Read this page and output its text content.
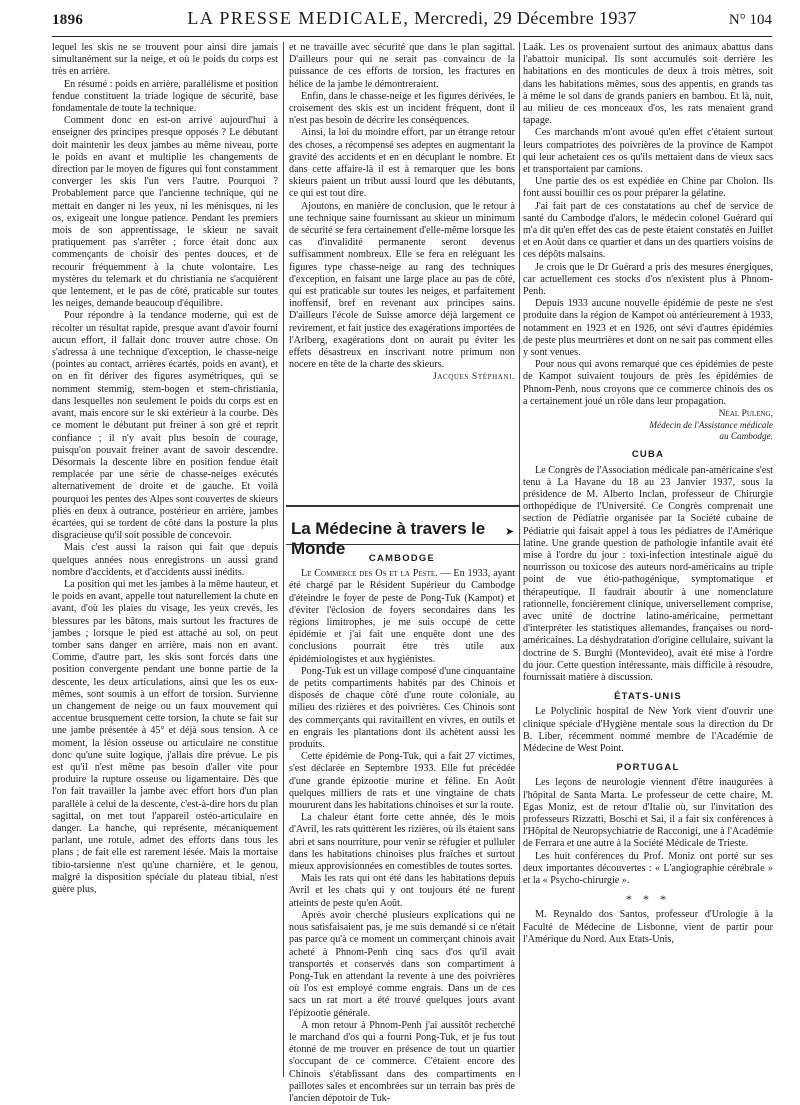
1896	LA PRESSE MEDICALE, Mercredi, 29 Décembre 1937	N° 104

lequel les skis ne se trouvent pour ainsi dire jamais simultanément sur la neige, et où le poids du corps est très en arrière.

En résumé : poids en arrière, parallélisme et position fendue constituent la triade logique de sécurité, base fondamentale de toute la technique.

Comment donc en est-on arrivé aujourd'hui à enseigner des principes presque opposés ? Le débutant doit maintenir les deux jambes au même niveau, porte le poids en avant et multiplie les changements de direction par le moyen de figures qui font constamment converger les skis l'un vers l'autre. Pourquoi ? Probablement parce que l'ancienne technique, qui ne mettait en danger ni les yeux, ni les ménisques, ni les os, exigeait une longue patience. Pendant les premiers mois de son apprentissage, le skieur ne savait pratiquement pas s'arrêter ; force était donc aux commençants de choisir des pentes douces, et de recourir fréquemment à la chute volontaire. Les mystères du telemark et du christiania ne s'acquièrent que lentement, et le pas de côté, praticable sur toutes les neiges, demande beaucoup d'équilibre.

Pour répondre à la tendance moderne, qui est de récolter un résultat rapide, presque avant d'avoir fourni aucun effort, il fallait donc trouver autre chose. On s'adressa à une technique d'exception, le chasse-neige (pointes au contact, arrières écartés, poids en avant), et on en fit dériver des figures asymétriques, qui se nomment stemmig, stem-bogen et stem-christiania, dans lesquelles non seulement le poids du corps est en avant, mais encore sur le ski extérieur à la courbe. Dès ce moment le débutant put freiner à son gré et reprit confiance ; il n'y avait plus besoin de courage, puisqu'on pouvait freiner avant de savoir descendre. Désormais la descente libre en position fendue était remplacée par une série de chasse-neiges exécutés alternativement de droite et de gauche. Et voilà pourquoi les pentes des Alpes sont couvertes de skieurs pliés en deux à outrance, postérieur en arrière, jambes écartées, qui se tordent de côté dans la posture la plus disgracieuse qu'il soit possible de concevoir.

Mais c'est aussi la raison qui fait que depuis quelques années nous enregistrons un aussi grand nombre d'accidents, et d'accidents aussi inédits.

La position qui met les jambes à la même hauteur, et le poids en avant, appelle tout naturellement la chute en avant, d'où les plaies du visage, les yeux crevés, les blessures par les bâtons, mais surtout les fractures de jambes ; lorsque le pied est attaché au sol, on peut tomber sans danger en arrière, mais non en avant. Comme, d'autre part, les skis sont forcés dans une position convergente pendant une bonne partie de la descente, les deux articulations, ainsi que les os eux-mêmes, sont soumis à un effort de torsion. Survienne un changement de neige ou un faux mouvement qui accentue brusquement cette torsion, la chute se fait sur une jambe présentée à 45° et déjà sous tension. A ce moment, la lésion osseuse ou articulaire ne constitue donc qu'une suite logique, j'allais dire prévue. Le pis est qu'il n'est même pas besoin d'aller vite pour produire la rupture osseuse ou ligamentaire. Dès que l'on fait travailler la jambe avec effort hors d'un plan parallèle à celui de la descente, c'est-à-dire hors du plan sagittal, on met tout l'appareil ostéo-articulaire en danger. La hanche, qui représente, mécaniquement parlant, une rotule, admet des efforts dans tous les plans ; de fait elle est rarement lésée. Mais la mortaise tibio-tarsienne n'est qu'une charnière, et le genou, malgré la disposition spéciale du plateau tibial, n'est guère plus,

et ne travaille avec sécurité que dans le plan sagittal. D'ailleurs pour qui ne serait pas convaincu de la puissance de ces efforts de torsion, les fractures en hélice de la jambe le démontreraient.

Enfin, dans le chasse-neige et les figures dérivées, le croisement des skis est un incident fréquent, dont il n'est pas besoin de décrire les conséquences.

Ainsi, la loi du moindre effort, par un étrange retour des choses, a récompensé ses adeptes en augmentant la gravité des accidents et en en décuplant le nombre. Et dans cette affaire-là il est à remarquer que les bons skieurs paient un tribut aussi lourd que les débutants, ce qui est tout dire.

Ajoutons, en manière de conclusion, que le retour à une technique saine fournissant au skieur un minimum de sécurité se fera certainement d'elle-même lorsque les cas d'invalidité permanente seront devenus suffisamment nombreux. Elle se fera en reléguant les figures type chasse-neige au rang des techniques d'exception, en faisant une large place au pas de côté, qui est praticable sur toutes les neiges, et parfaitement inoffensif, bref en revenant aux principes sains. D'ailleurs l'école de Suisse amorce déjà largement ce revirement, et fait justice des exagérations importées de l'Arlberg, exagérations dont on aurait pu éviter les effets désastreux en inscrivant notre primum non nocere en tête de la charte des skieurs.

Jacques Stéphani.

La Médecine à travers le Monde
➤
CAMBODGE

Le Commerce des Os et la Peste. — En 1933, ayant été chargé par le Résident Supérieur du Cambodge d'éteindre le foyer de peste de Pong-Tuk (Kampot) et d'éviter l'éclosion de foyers secondaires dans les régions limitrophes, je me suis occupé de cette épidémie et j'ai fait une enquête dont une des conclusions pourrait être très utile aux épidémiologistes et aux hygiénistes.

Pong-Tuk est un village composé d'une cinquantaine de petits compartiments habités par des Chinois et disposés de chaque côté d'une route coloniale, au milieu des rizières et des poivrières. Ces Chinois sont des commerçants qui ravitaillent en vivres, en outils et en engrais les plantations dont ils achètent aussi les produits.

Cette épidémie de Pong-Tuk, qui a fait 27 victimes, s'est déclarée en Septembre 1933. Elle fut précédée d'une grande épizootie murine et féline. En Août quelques milliers de rats et une vingtaine de chats moururent dans les habitations chinoises et sur la route.

La chaleur étant forte cette année, dès le mois d'Avril, les rats quittèrent les rizières, où ils étaient sans abri et sans nourriture, pour venir se réfugier et pulluler dans les habitations chinoises plus fraîches et surtout mieux approvisionnées en comestibles de toutes sortes.

Mais les rats qui ont été dans les habitations depuis Avril et les chats qui y ont toujours été ne furent atteints de peste qu'en Août.

Après avoir cherché plusieurs explications qui ne nous satisfaisaient pas, je me suis demandé si ce n'était pas parce qu'à ce moment un commerçant chinois avait acheté à Phnom-Penh cinq sacs d'os qu'il avait transportés et conservés dans son compartiment à Pong-Tuk en attendant la revente à une des poivrières où l'os est employé comme engrais. Dans un de ces sacs un rat mort a été trouvé quelques jours avant l'épizootie générale.

A mon retour à Phnom-Penh j'ai aussitôt recherché le marchand d'os qui a fourni Pong-Tuk, et je fus tout étonné de me trouver en présence de tout un quartier s'occupant de ce commerce. C'étaient encore des Chinois s'établissant dans des compartiments en paillotes sales et encombrées sur un terrain bas près de l'ancien dépotoir de Tuk-

Laák. Les os provenaient surtout des animaux abattus dans l'abattoir municipal. Ils sont accumulés soit derrière les habitations en des monticules de deux à trois mètres, soit dans les habitations mêmes, sous des appentis, en grands tas à même le sol dans de grands paniers en bambou. Et là, nuit, au milieu de ces monceaux d'os, les rats menaient grand tapage.

Ces marchands m'ont avoué qu'en effet c'étaient surtout leurs compatriotes des poivrières de la province de Kampot qui leur achetaient ces os qu'ils mettaient dans de vieux sacs et transportaient par camions.

Une partie des os est expédiée en Chine par Cholon. Ils font aussi bouillir ces os pour préparer la gélatine.

J'ai fait part de ces constatations au chef de service de santé du Cambodge d'alors, le médecin colonel Guérard qui m'a dit qu'en effet des cas de peste étaient constatés en Juillet et en Août dans ce quartier et dans un des quartiers voisins de ces dépôts malsains.

Je crois que le Dr Guérard a pris des mesures énergiques, car actuellement ces stocks d'os n'existent plus à Phnom-Penh.

Depuis 1933 aucune nouvelle épidémie de peste ne s'est produite dans la région de Kampot où antérieurement à 1933, notamment en 1923 et en 1926, ont sévi d'autres épidémies de peste plus meurtrières et dont on ne sait pas comment elles y sont venues.

Pour nous qui avons remarqué que ces épidémies de peste de Kampot suivaient toujours de près les épidémies de Phnom-Penh, nous croyons que ce commerce chinois des os a certainement joué un rôle dans leur propagation.

Néal Puleng,

Médecin de l'Assistance médicale

au Cambodge.

CUBA

Le Congrès de l'Association médicale pan-américaine s'est tenu à La Havane du 18 au 23 Janvier 1937, sous la présidence de M. Alberto Inclan, professeur de Chirurgie orthopédique de l'Université. Ce Congrès comprenait une section de Pédiatrie organisée par la Société cubaine de Pédiatrie qui faisait appel à tous les pédiatres de l'Amérique latine. Une grande question de pathologie infantile avait été mise à l'ordre du jour : toxi-infection intestinale aiguë du nourrisson ou toxicose des auteurs nord-américains au triple point de vue étio-pathogénique, symptomatique et thérapeutique. Il faudrait aboutir à une nomenclature rationnelle, foncièrement clinique, universellement comprise, avec unité de doctrine latino-américaine, permettant d'interpréter les statistiques allemandes, françaises ou nord-américaines. La déshydratation d'origine cellulaire, suivant la doctrine de S. Burghi (Montevideo), avait été mise à l'ordre du jour. Cette question intéressante, mais difficile à résoudre, fournissait matière à discussion.

ÉTATS-UNIS

Le Polyclinic hospital de New York vient d'ouvrir une clinique spéciale d'Hygiène mentale sous la direction du Dr B. Liber, récemment nommé membre de l'Académie de Médecine de West Point.

PORTUGAL

Les leçons de neurologie viennent d'être inaugurées à l'hôpital de Santa Marta. Le professeur de cette chaire, M. Egas Moniz, est de retour d'Italie où, sur l'invitation des professeurs Rizzatti, Boschi et Sai, il a fait six conférences à l'Hôpital de Neuropsychiatrie de Racconigi, une à l'Académie de Ferrara et une autre à la Société Médicale de Trieste.

Les huit conférences du Prof. Moniz ont porté sur ses deux importantes découvertes : « L'angiographie cérébrale » et la « Psycho-chirurgie ».

* * *

M. Reynaldo dos Santos, professeur d'Urologie à la Faculté de Médecine de Lisbonne, vient de partir pour l'Amérique du Nord. Aux Etats-Unis,
